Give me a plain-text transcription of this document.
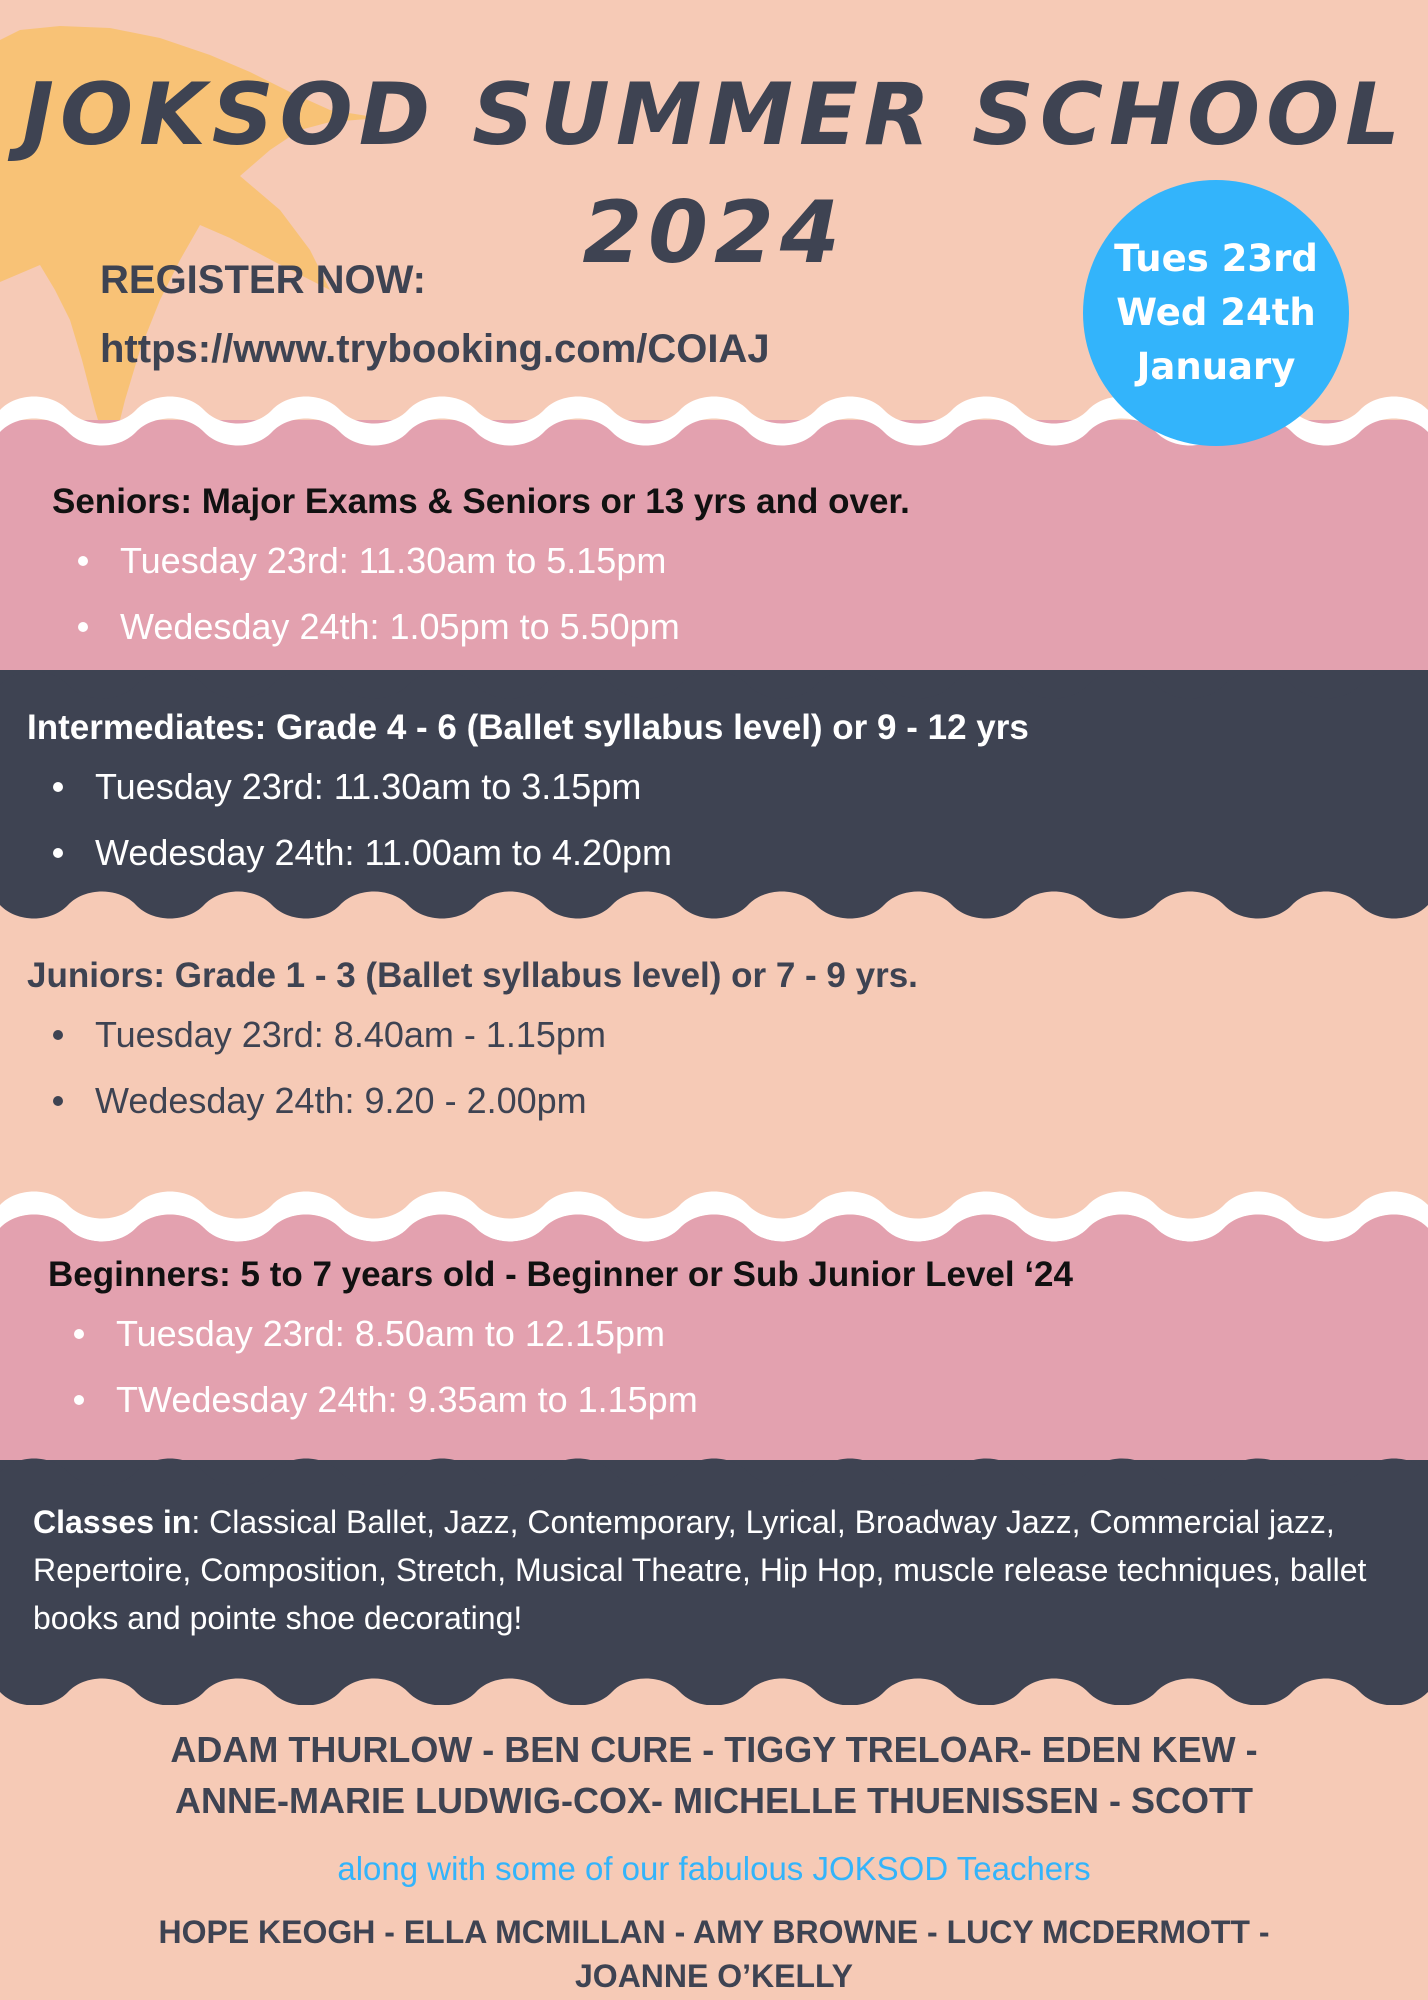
JOKSOD SUMMER SCHOOL
2024
REGISTER NOW:
https://www.trybooking.com/COIAJ
Tues 23rd
Wed 24th
January
Seniors: Major Exams & Seniors or 13 yrs and over.
Tuesday 23rd: 11.30am to 5.15pm
Wedesday 24th: 1.05pm to 5.50pm
Intermediates: Grade 4 - 6 (Ballet syllabus level) or 9 - 12 yrs
Tuesday 23rd: 11.30am to 3.15pm
Wedesday 24th: 11.00am to 4.20pm
Juniors: Grade 1 - 3 (Ballet syllabus level) or 7 - 9 yrs.
Tuesday 23rd: 8.40am - 1.15pm
Wedesday 24th: 9.20 - 2.00pm
Beginners: 5 to 7 years old - Beginner or Sub Junior Level ‘24
Tuesday 23rd: 8.50am to 12.15pm
TWedesday 24th: 9.35am to 1.15pm
Classes in: Classical Ballet, Jazz, Contemporary, Lyrical, Broadway Jazz, Commercial jazz, Repertoire, Composition, Stretch, Musical Theatre, Hip Hop, muscle release techniques, ballet books and pointe shoe decorating!
ADAM THURLOW - BEN CURE - TIGGY TRELOAR- EDEN KEW -
ANNE-MARIE LUDWIG-COX- MICHELLE THUENISSEN - SCOTT
along with some of our fabulous JOKSOD Teachers
HOPE KEOGH - ELLA MCMILLAN - AMY BROWNE - LUCY MCDERMOTT -
JOANNE O’KELLY
